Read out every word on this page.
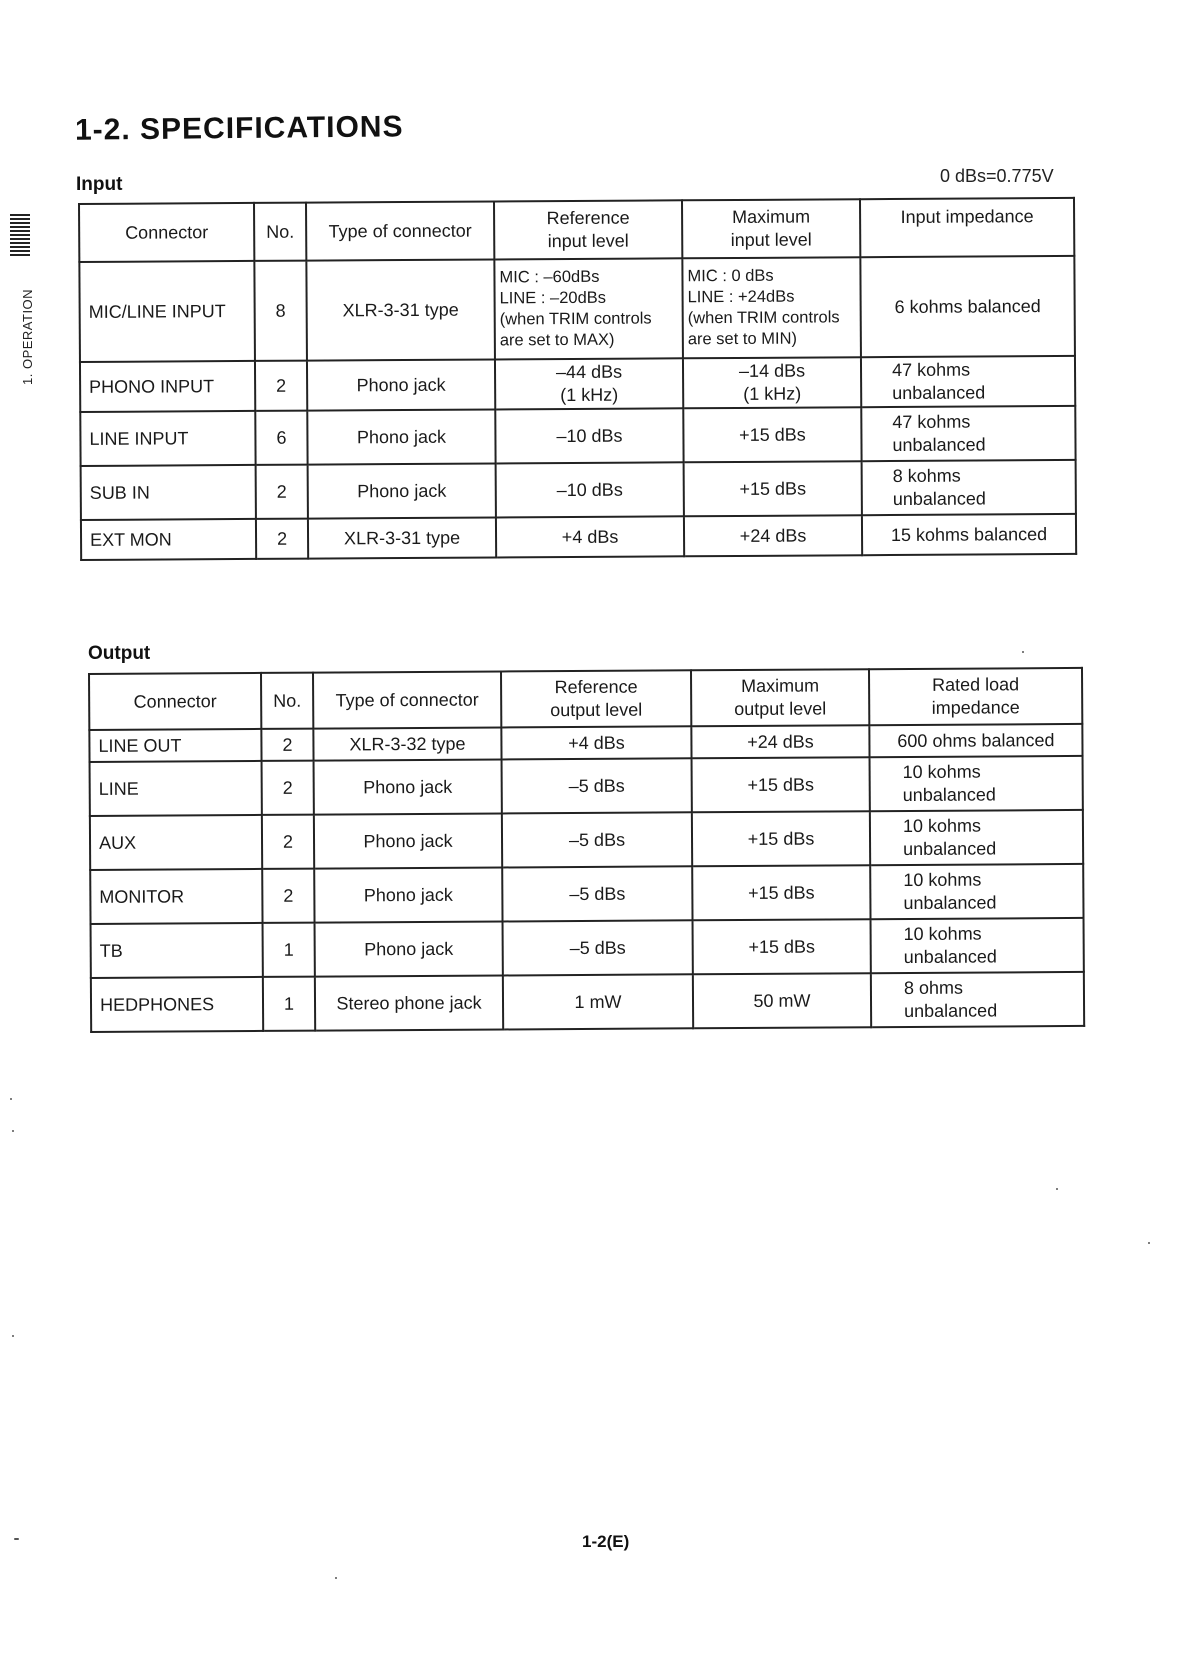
1. OPERATION
1-2. SPECIFICATIONS
Input	0 dBs=0.775V
Connector	No.	Type of connector	Reference
input level	Maximum
input level	Input impedance
MIC/LINE INPUT	8	XLR-3-31 type	MIC : –60dBs
LINE : –20dBs
(when TRIM controls
are set to MAX)	MIC : 0 dBs
LINE : +24dBs
(when TRIM controls
are set to MIN)	6 kohms balanced
PHONO INPUT	2	Phono jack	–44 dBs
(1 kHz)	–14 dBs
(1 kHz)	47 kohms
unbalanced
LINE INPUT	6	Phono jack	–10 dBs	+15 dBs	47 kohms
unbalanced
SUB IN	2	Phono jack	–10 dBs	+15 dBs	8 kohms
unbalanced
EXT MON	2	XLR-3-31 type	+4 dBs	+24 dBs	15 kohms balanced
Output
Connector	No.	Type of connector	Reference
output level	Maximum
output level	Rated load
impedance
LINE OUT	2	XLR-3-32 type	+4 dBs	+24 dBs	600 ohms balanced
LINE	2	Phono jack	–5 dBs	+15 dBs	10 kohms
unbalanced
AUX	2	Phono jack	–5 dBs	+15 dBs	10 kohms
unbalanced
MONITOR	2	Phono jack	–5 dBs	+15 dBs	10 kohms
unbalanced
TB	1	Phono jack	–5 dBs	+15 dBs	10 kohms
unbalanced
HEDPHONES	1	Stereo phone jack	1 mW	50 mW	8 ohms
unbalanced
1-2(E)
